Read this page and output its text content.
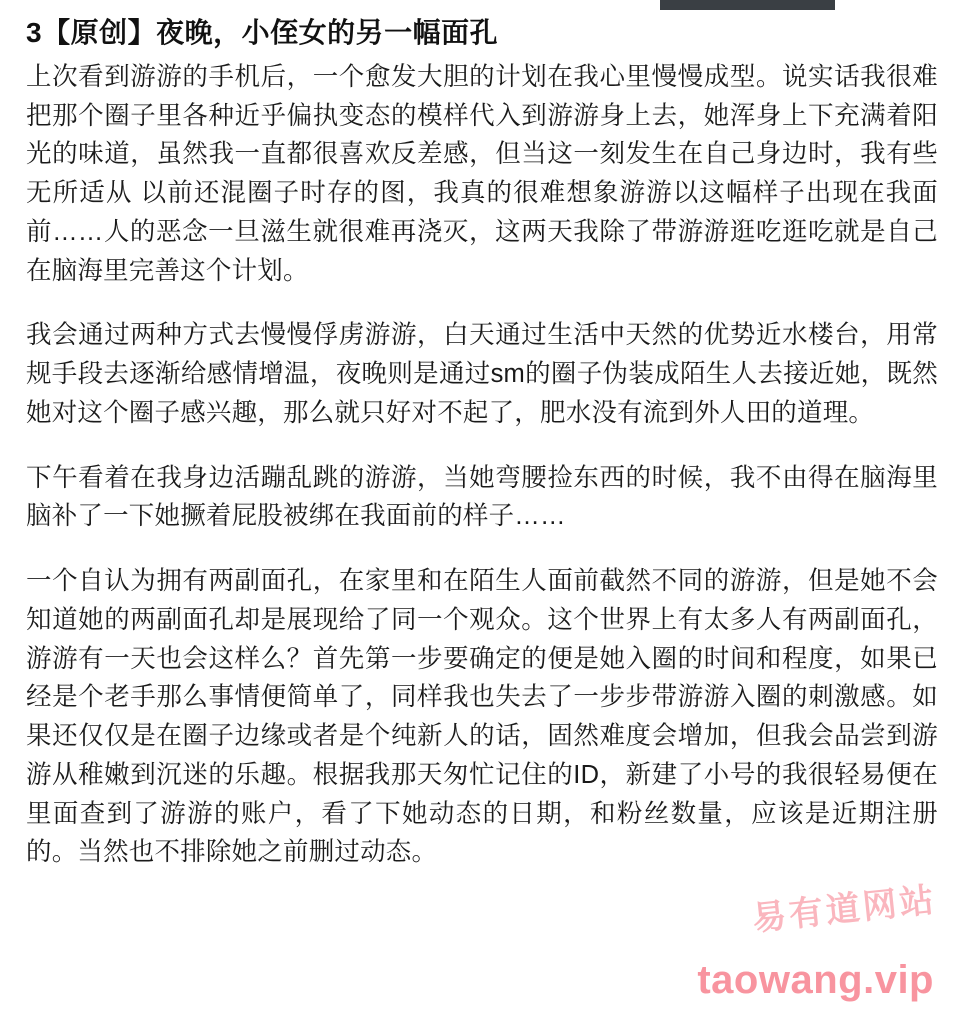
3【原创】夜晚，小侄女的另一幅面孔

上次看到游游的手机后，一个愈发大胆的计划在我心里慢慢成型。说实话我很难把那个圈子里各种近乎偏执变态的模样代入到游游身上去，她浑身上下充满着阳光的味道，虽然我一直都很喜欢反差感，但当这一刻发生在自己身边时，我有些无所适从 以前还混圈子时存的图，我真的很难想象游游以这幅样子出现在我面前……人的恶念一旦滋生就很难再浇灭，这两天我除了带游游逛吃逛吃就是自己在脑海里完善这个计划。

我会通过两种方式去慢慢俘虏游游，白天通过生活中天然的优势近水楼台，用常规手段去逐渐给感情增温，夜晚则是通过sm的圈子伪装成陌生人去接近她，既然她对这个圈子感兴趣，那么就只好对不起了，肥水没有流到外人田的道理。

下午看着在我身边活蹦乱跳的游游，当她弯腰捡东西的时候，我不由得在脑海里脑补了一下她撅着屁股被绑在我面前的样子……

一个自认为拥有两副面孔，在家里和在陌生人面前截然不同的游游，但是她不会知道她的两副面孔却是展现给了同一个观众。这个世界上有太多人有两副面孔，游游有一天也会这样么？首先第一步要确定的便是她入圈的时间和程度，如果已经是个老手那么事情便简单了，同样我也失去了一步步带游游入圈的刺激感。如果还仅仅是在圈子边缘或者是个纯新人的话，固然难度会增加，但我会品尝到游游从稚嫩到沉迷的乐趣。根据我那天匆忙记住的ID，新建了小号的我很轻易便在里面查到了游游的账户，看了下她动态的日期，和粉丝数量，应该是近期注册的。当然也不排除她之前删过动态。

易有道网站
taowang.vip
